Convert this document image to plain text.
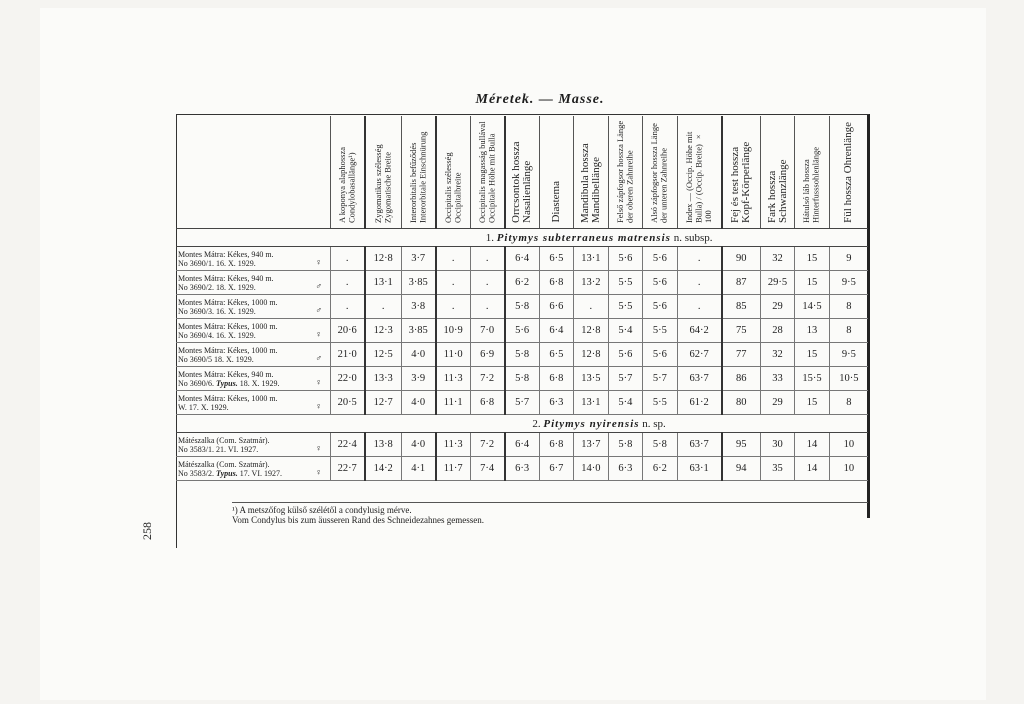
Méretek. — Masse.
258
		A koponya alaphossza Condylobasallänge¹)	Zygomatikus szélesség Zygomatische Breite	Interorbitalis befűződés Interorbitale Einschnürung	Occipitalis szélesség Occipitalbreite	Occipitalis magasság bullával Occipitale Höhe mit Bulla	Orrcsontok hossza Nasalienlänge	Diastema	Mandibula hossza Mandibellänge	Felső zápfogsor hossza Länge der oberen Zahnreihe	Alsó zápfogsor hossza Länge der unteren Zahnreihe	Index — (Occip. Höhe mit Bulla) / (Occip. Breite) × 100	Fej és test hossza Kopf-Körperlänge	Fark hossza Schwanzlänge	Hátulsó láb hossza Hinterfusssohlenlänge	Fül hossza Ohrenlänge
		1. Pitymys subterraneus matrensis n. subsp.														

Montes Mátra: Kékes, 940 m.
No 3690/1. 16. X. 1929.	♀	.	12·8	3·7	.	.	6·4	6·5	13·1	5·6	5·6	.	90	32	15	9

Montes Mátra: Kékes, 940 m.
No 3690/2. 18. X. 1929.	♂	.	13·1	3·85	.	.	6·2	6·8	13·2	5·5	5·6	.	87	29·5	15	9·5

Montes Mátra: Kékes, 1000 m.
No 3690/3. 16. X. 1929.	♂	.	.	3·8	.	.	5·8	6·6	.	5·5	5·6	.	85	29	14·5	8

Montes Mátra: Kékes, 1000 m.
No 3690/4. 16. X. 1929.	♀	20·6	12·3	3·85	10·9	7·0	5·6	6·4	12·8	5·4	5·5	64·2	75	28	13	8

Montes Mátra: Kékes, 1000 m.
No 3690/5 18. X. 1929.	♂	21·0	12·5	4·0	11·0	6·9	5·8	6·5	12·8	5·6	5·6	62·7	77	32	15	9·5

Montes Mátra: Kékes, 940 m.
No 3690/6. Typus. 18. X. 1929.	♀	22·0	13·3	3·9	11·3	7·2	5·8	6·8	13·5	5·7	5·7	63·7	86	33	15·5	10·5

Montes Mátra: Kékes, 1000 m.
W. 17. X. 1929.	♀	20·5	12·7	4·0	11·1	6·8	5·7	6·3	13·1	5·4	5·5	61·2	80	29	15	8
		2. Pitymys nyirensis n. sp.														

Mátészalka (Com. Szatmár).
No 3583/1. 21. VI. 1927.	♀	22·4	13·8	4·0	11·3	7·2	6·4	6·8	13·7	5·8	5·8	63·7	95	30	14	10

Mátészalka (Com. Szatmár).
No 3583/2. Typus. 17. VI. 1927.	♀	22·7	14·2	4·1	11·7	7·4	6·3	6·7	14·0	6·3	6·2	63·1	94	35	14	10
¹) A metszőfog külső szélétől a condylusig mérve.
Vom Condylus bis zum äusseren Rand des Schneidezahnes gemessen.
